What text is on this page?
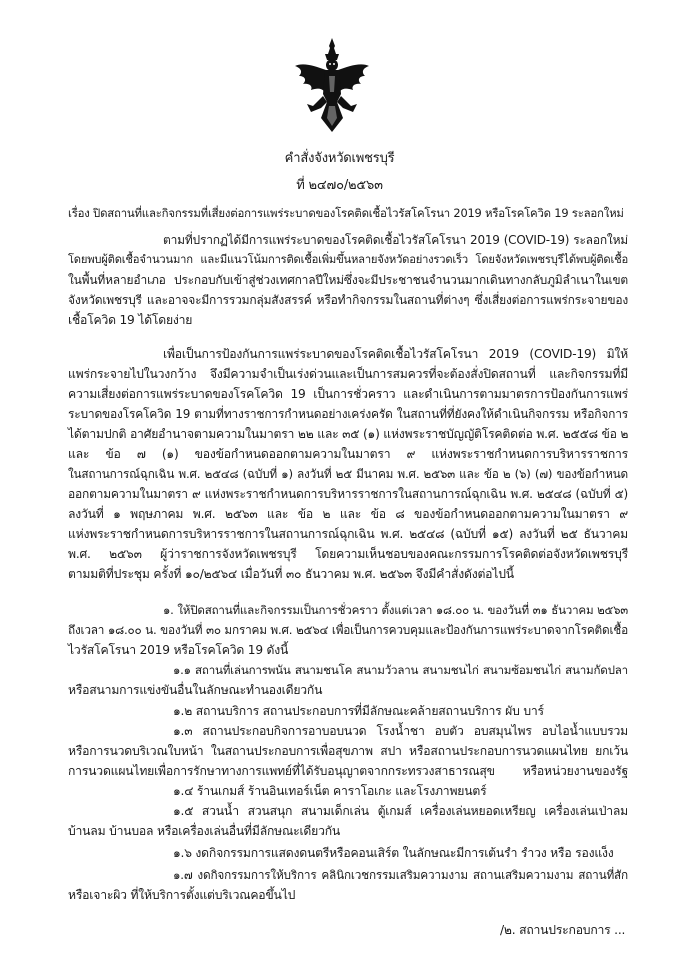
คำสั่งจังหวัดเพชรบุรี
ที่ ๒๔๗๐/๒๕๖๓
เรื่อง ปิดสถานที่และกิจกรรมที่เสี่ยงต่อการแพร่ระบาดของโรคติดเชื้อไวรัสโคโรนา 2019 หรือโรคโควิด 19 ระลอกใหม่
ตามที่ปรากฏได้มีการแพร่ระบาดของโรคติดเชื้อไวรัสโคโรนา 2019 (COVID-19) ระลอกใหม่
โดยพบผู้ติดเชื้อจำนวนมาก และมีแนวโน้มการติดเชื้อเพิ่มขึ้นหลายจังหวัดอย่างรวดเร็ว โดยจังหวัดเพชรบุรีได้พบผู้ติดเชื้อ
ในพื้นที่หลายอำเภอ ประกอบกับเข้าสู่ช่วงเทศกาลปีใหม่ซึ่งจะมีประชาชนจำนวนมากเดินทางกลับภูมิลำเนาในเขต
จังหวัดเพชรบุรี และอาจจะมีการรวมกลุ่มสังสรรค์ หรือทำกิจกรรมในสถานที่ต่างๆ ซึ่งเสี่ยงต่อการแพร่กระจายของ
เชื้อโควิด 19 ได้โดยง่าย
เพื่อเป็นการป้องกันการแพร่ระบาดของโรคติดเชื้อไวรัสโคโรนา 2019 (COVID-19) มิให้
แพร่กระจายไปในวงกว้าง จึงมีความจำเป็นเร่งด่วนและเป็นการสมควรที่จะต้องสั่งปิดสถานที่ และกิจกรรมที่มี
ความเสี่ยงต่อการแพร่ระบาดของโรคโควิด 19 เป็นการชั่วคราว และดำเนินการตามมาตรการป้องกันการแพร่
ระบาดของโรคโควิด 19 ตามที่ทางราชการกำหนดอย่างเคร่งครัด ในสถานที่ที่ยังคงให้ดำเนินกิจกรรม หรือกิจการ
ได้ตามปกติ อาศัยอำนาจตามความในมาตรา ๒๒ และ ๓๕ (๑) แห่งพระราชบัญญัติโรคติดต่อ พ.ศ. ๒๕๕๘ ข้อ ๒
และ ข้อ ๗ (๑) ของข้อกำหนดออกตามความในมาตรา ๙ แห่งพระราชกำหนดการบริหารราชการ
ในสถานการณ์ฉุกเฉิน พ.ศ. ๒๕๔๘ (ฉบับที่ ๑) ลงวันที่ ๒๕ มีนาคม พ.ศ. ๒๕๖๓ และ ข้อ ๒ (๖) (๗) ของข้อกำหนด
ออกตามความในมาตรา ๙ แห่งพระราชกำหนดการบริหารราชการในสถานการณ์ฉุกเฉิน พ.ศ. ๒๕๔๘ (ฉบับที่ ๕)
ลงวันที่ ๑ พฤษภาคม พ.ศ. ๒๕๖๓ และ ข้อ ๒ และ ข้อ ๘ ของข้อกำหนดออกตามความในมาตรา ๙
แห่งพระราชกำหนดการบริหารราชการในสถานการณ์ฉุกเฉิน พ.ศ. ๒๕๔๘ (ฉบับที่ ๑๕) ลงวันที่ ๒๕ ธันวาคม
พ.ศ. ๒๕๖๓ ผู้ว่าราชการจังหวัดเพชรบุรี โดยความเห็นชอบของคณะกรรมการโรคติดต่อจังหวัดเพชรบุรี
ตามมติที่ประชุม ครั้งที่ ๑๐/๒๕๖๔ เมื่อวันที่ ๓๐ ธันวาคม พ.ศ. ๒๕๖๓ จึงมีคำสั่งดังต่อไปนี้
๑. ให้ปิดสถานที่และกิจกรรมเป็นการชั่วคราว ตั้งแต่เวลา ๑๘.๐๐ น. ของวันที่ ๓๑ ธันวาคม ๒๕๖๓
ถึงเวลา ๑๘.๐๐ น. ของวันที่ ๓๐ มกราคม พ.ศ. ๒๕๖๔ เพื่อเป็นการควบคุมและป้องกันการแพร่ระบาดจากโรคติดเชื้อ
ไวรัสโคโรนา 2019 หรือโรคโควิด 19 ดังนี้
๑.๑ สถานที่เล่นการพนัน สนามชนโค สนามวัวลาน สนามชนไก่ สนามซ้อมชนไก่ สนามกัดปลา
หรือสนามการแข่งขันอื่นในลักษณะทำนองเดียวกัน
๑.๒ สถานบริการ สถานประกอบการที่มีลักษณะคล้ายสถานบริการ ผับ บาร์
๑.๓ สถานประกอบกิจการอาบอบนวด โรงน้ำชา อบตัว อบสมุนไพร อบไอน้ำแบบรวม
หรือการนวดบริเวณใบหน้า ในสถานประกอบการเพื่อสุขภาพ สปา หรือสถานประกอบการนวดแผนไทย ยกเว้น
การนวดแผนไทยเพื่อการรักษาทางการแพทย์ที่ได้รับอนุญาตจากกระทรวงสาธารณสุข หรือหน่วยงานของรัฐ
๑.๔ ร้านเกมส์ ร้านอินเทอร์เน็ต คาราโอเกะ และโรงภาพยนตร์
๑.๕ สวนน้ำ สวนสนุก สนามเด็กเล่น ตู้เกมส์ เครื่องเล่นหยอดเหรียญ เครื่องเล่นเป่าลม
บ้านลม บ้านบอล หรือเครื่องเล่นอื่นที่มีลักษณะเดียวกัน
๑.๖ งดกิจกรรมการแสดงดนตรีหรือคอนเสิร์ต ในลักษณะมีการเต้นรำ รำวง หรือ รองแง็ง
๑.๗ งดกิจกรรมการให้บริการ คลินิกเวชกรรมเสริมความงาม สถานเสริมความงาม สถานที่สัก
หรือเจาะผิว ที่ให้บริการตั้งแต่บริเวณคอขึ้นไป
/๒. สถานประกอบการ ...
